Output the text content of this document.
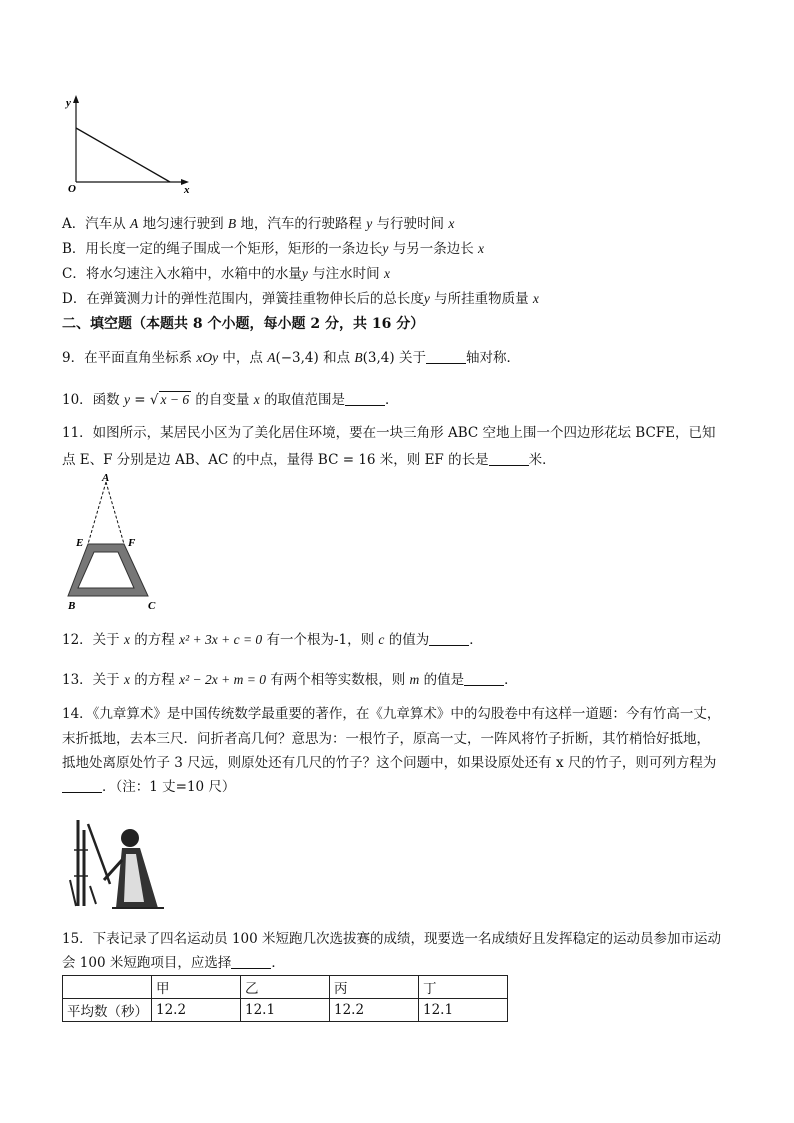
y
x
O
A．汽车从 A 地匀速行驶到 B 地，汽车的行驶路程 y 与行驶时间 x
B．用长度一定的绳子围成一个矩形，矩形的一条边长y 与另一条边长 x
C．将水匀速注入水箱中，水箱中的水量y 与注水时间 x
D．在弹簧测力计的弹性范围内，弹簧挂重物伸长后的总长度y 与所挂重物质量 x
二、填空题（本题共 8 个小题，每小题 2 分，共 16 分）
9．在平面直角坐标系 xOy 中，点 A(−3,4) 和点 B(3,4) 关于	轴对称．
10．函数 y = √ x − 6 的自变量 x 的取值范围是	．
11．如图所示，某居民小区为了美化居住环境，要在一块三角形 ABC 空地上围一个四边形花坛 BCFE，已知
点 E、F 分别是边 AB、AC 的中点，量得 BC = 16 米，则 EF 的长是	米．
A
E	F
B	C
12．关于 x 的方程 x² + 3x + c = 0 有一个根为-1，则 c 的值为	．
13．关于 x 的方程 x² − 2x + m = 0 有两个相等实数根，则 m 的值是	．
14．《九章算术》是中国传统数学最重要的著作，在《九章算术》中的勾股卷中有这样一道题：今有竹高一丈，
末折抵地，去本三尺．问折者高几何？意思为：一根竹子，原高一丈，一阵风将竹子折断，其竹梢恰好抵地，
抵地处离原处竹子 3 尺远，则原处还有几尺的竹子？这个问题中，如果设原处还有 x 尺的竹子，则可列方程为
．（注：1 丈=10 尺）
15．下表记录了四名运动员 100 米短跑几次选拔赛的成绩，现要选一名成绩好且发挥稳定的运动员参加市运动
会 100 米短跑项目，应选择	．
	甲	乙	丙	丁
平均数（秒）	12.2	12.1	12.2	12.1
